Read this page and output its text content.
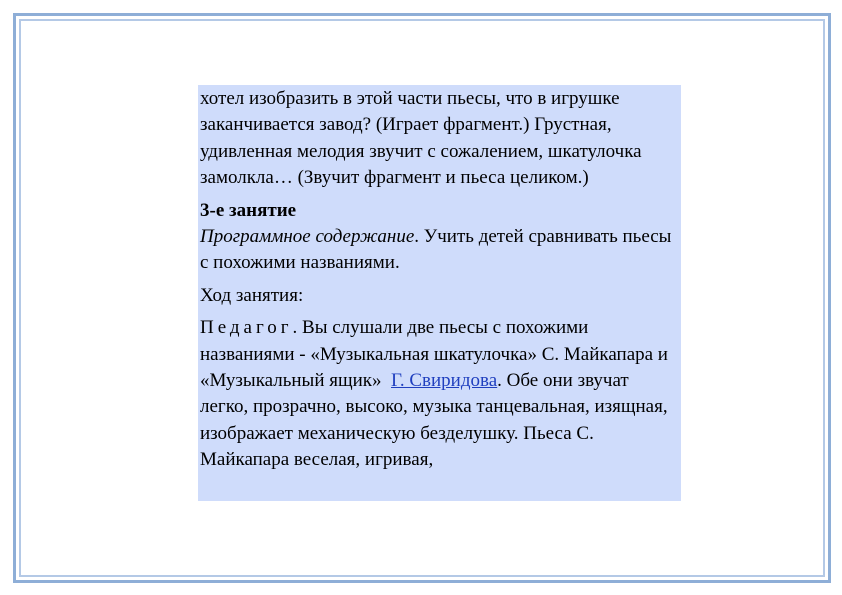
хотел изобразить в этой части пьесы, что в игрушке заканчивается завод? (Играет фрагмент.) Грустная, удивленная мелодия звучит с сожалением, шкатулочка замолкла… (Звучит фрагмент и пьеса целиком.)

3-е занятие

Программное содержание. Учить детей сравнивать пьесы с похожими названиями.

Ход занятия:

Педагог. Вы слушали две пьесы с похожими названиями - «Музыкальная шкатулочка» С. Майкапара и «Музыкальный ящик» Г. Свиридова. Обе они звучат легко, прозрачно, высоко, музыка танцевальная, изящная, изображает механическую безделушку. Пьеса С. Майкапара веселая, игривая,
